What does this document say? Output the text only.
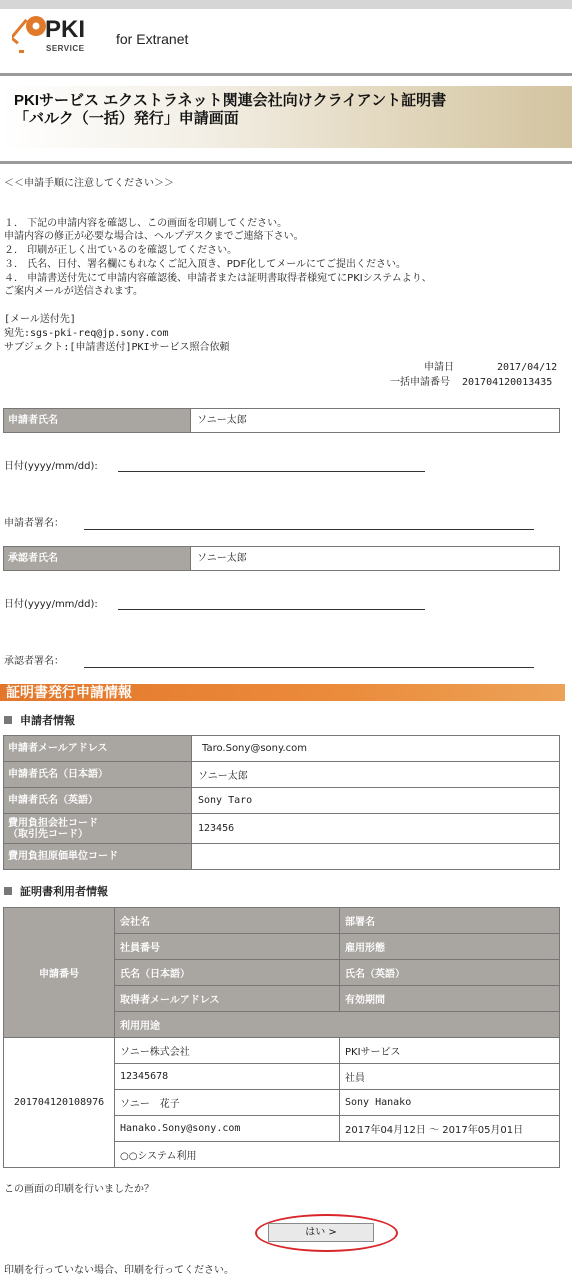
PKI
SERVICE
for Extranet
PKIサービス エクストラネット関連会社向けクライアント証明書
「バルク（一括）発行」申請画面
＜＜申請手順に注意してください＞＞
１． 下記の申請内容を確認し、この画面を印刷してください。
申請内容の修正が必要な場合は、ヘルプデスクまでご連絡下さい。
２． 印刷が正しく出ているのを確認してください。
３． 氏名、日付、署名欄にもれなくご記入頂き、PDF化してメールにてご提出ください。
４． 申請書送付先にて申請内容確認後、申請者または証明書取得者様宛てにPKIシステムより、
ご案内メールが送信されます。
[メール送付先]
宛先:sgs-pki-req@jp.sony.com
サブジェクト:[申請書送付]PKIサービス照合依頼
申請日	2017/04/12
一括申請番号 201704120013435
申請者氏名	ソニー太郎
日付(yyyy/mm/dd):
申請者署名：
承認者氏名	ソニー太郎
日付(yyyy/mm/dd):
承認者署名：
証明書発行申請情報
申請者情報
申請者メールアドレス	Taro.Sony@sony.com
申請者氏名（日本語）	ソニー太郎
申請者氏名（英語）	Sony Taro
費用負担会社コード
（取引先コード）	123456
費用負担原価単位コード	
証明書利用者情報
申請番号	会社名	部署名
	社員番号	雇用形態
	氏名（日本語）	氏名（英語）
	取得者メールアドレス	有効期間
	利用用途	
201704120108976	ソニー株式会社	PKIサービス
	12345678	社員
	ソニー　花子	Sony Hanako
	Hanako.Sony@sony.com	2017年04月12日 ～ 2017年05月01日
	○○システム利用	
この画面の印刷を行いましたか？
はい >
印刷を行っていない場合、印刷を行ってください。
